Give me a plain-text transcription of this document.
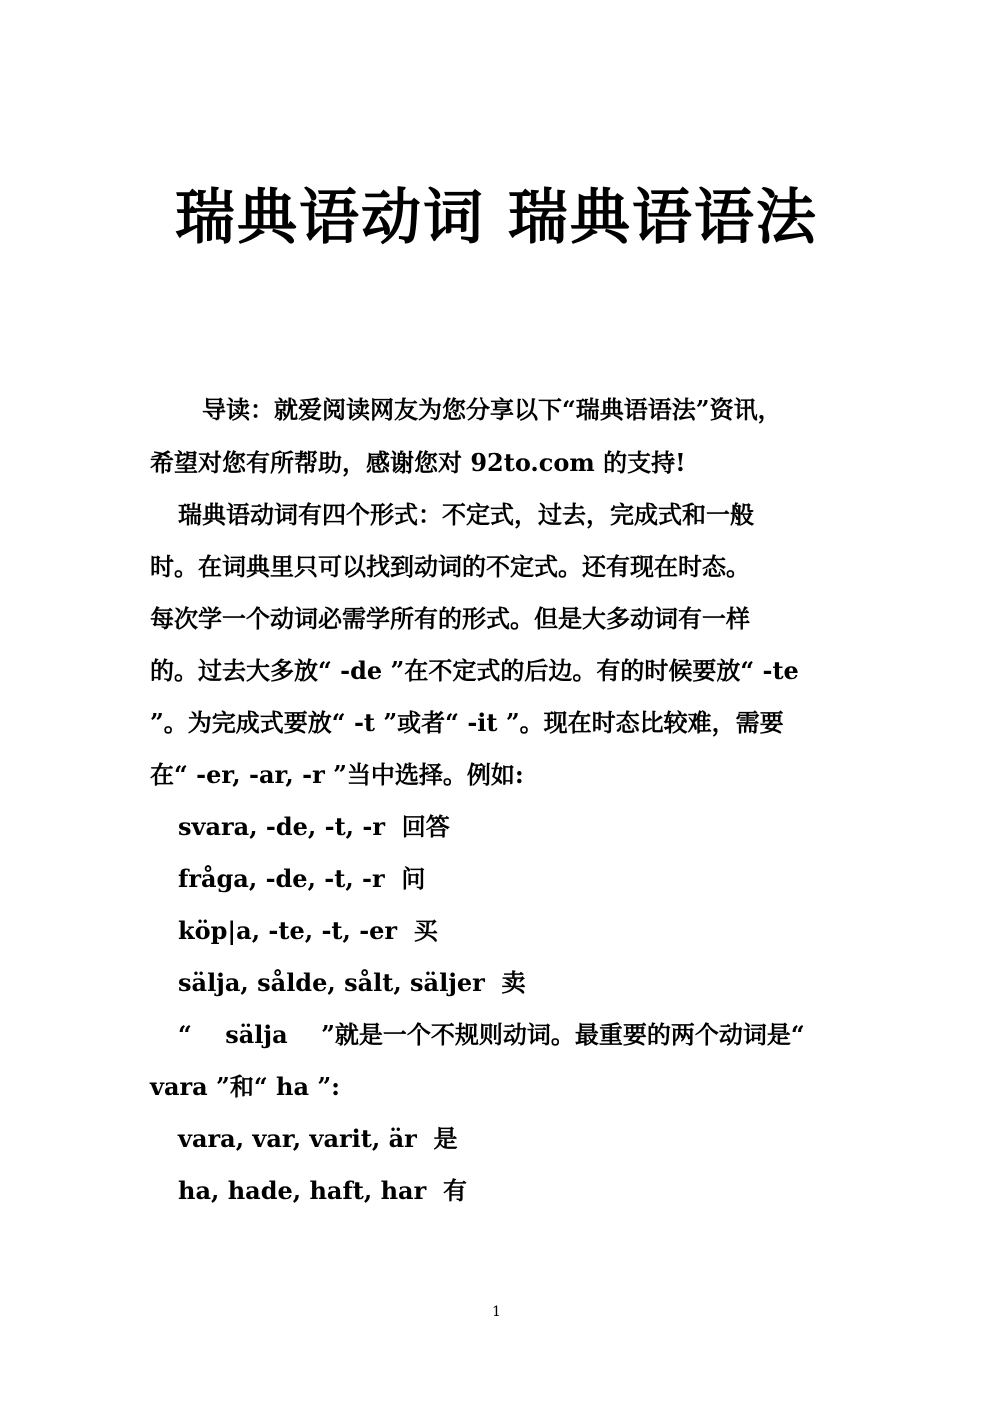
瑞典语动词 瑞典语语法
导读：就爱阅读网友为您分享以下“瑞典语语法”资讯，
希望对您有所帮助，感谢您对 92to.com 的支持!
瑞典语动词有四个形式：不定式，过去，完成式和一般
时。在词典里只可以找到动词的不定式。还有现在时态。
每次学一个动词必需学所有的形式。但是大多动词有一样
的。过去大多放“ -de ”在不定式的后边。有的时候要放“ -te
”。为完成式要放“ -t ”或者“ -it ”。现在时态比较难，需要
在“ -er, -ar, -r ”当中选择。例如:
svara, -de, -t, -r  回答
fråga, -de, -t, -r  问
köp|a, -te, -t, -er  买
sälja, sålde, sålt, säljer  卖
“    sälja    ”就是一个不规则动词。最重要的两个动词是“
vara ”和“ ha ”:
vara, var, varit, är  是
ha, hade, haft, har  有
1
